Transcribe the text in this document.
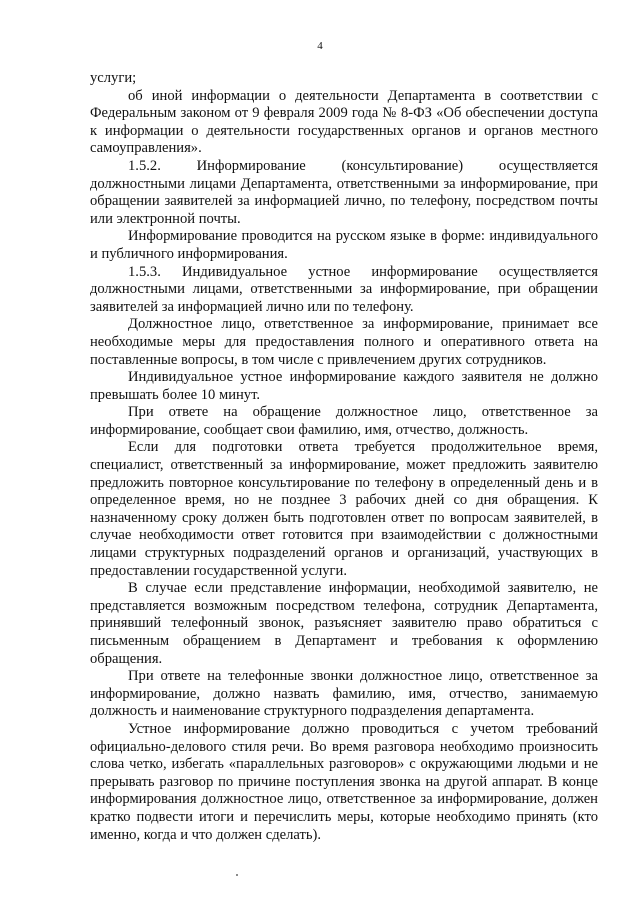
4

услуги;

об иной информации о деятельности Департамента в соответствии с Федеральным законом от 9 февраля 2009 года № 8-ФЗ «Об обеспечении доступа к информации о деятельности государственных органов и органов местного самоуправления».

1.5.2. Информирование (консультирование) осуществляется должностными лицами Департамента, ответственными за информирование, при обращении заявителей за информацией лично, по телефону, посредством почты или электронной почты.

Информирование проводится на русском языке в форме: индивидуального и публичного информирования.

1.5.3. Индивидуальное устное информирование осуществляется должностными лицами, ответственными за информирование, при обращении заявителей за информацией лично или по телефону.

Должностное лицо, ответственное за информирование, принимает все необходимые меры для предоставления полного и оперативного ответа на поставленные вопросы, в том числе с привлечением других сотрудников.

Индивидуальное устное информирование каждого заявителя не должно превышать более 10 минут.

При ответе на обращение должностное лицо, ответственное за информирование, сообщает свои фамилию, имя, отчество, должность.

Если для подготовки ответа требуется продолжительное время, специалист, ответственный за информирование, может предложить заявителю предложить повторное консультирование по телефону в определенный день и в определенное время, но не позднее 3 рабочих дней со дня обращения. К назначенному сроку должен быть подготовлен ответ по вопросам заявителей, в случае необходимости ответ готовится при взаимодействии с должностными лицами структурных подразделений органов и организаций, участвующих в предоставлении государственной услуги.

В случае если представление информации, необходимой заявителю, не представляется возможным посредством телефона, сотрудник Департамента, принявший телефонный звонок, разъясняет заявителю право обратиться с письменным обращением в Департамент и требования к оформлению обращения.

При ответе на телефонные звонки должностное лицо, ответственное за информирование, должно назвать фамилию, имя, отчество, занимаемую должность и наименование структурного подразделения департамента.

Устное информирование должно проводиться с учетом требований официально-делового стиля речи. Во время разговора необходимо произносить слова четко, избегать «параллельных разговоров» с окружающими людьми и не прерывать разговор по причине поступления звонка на другой аппарат. В конце информирования должностное лицо, ответственное за информирование, должен кратко подвести итоги и перечислить меры, которые необходимо принять (кто именно, когда и что должен сделать).
